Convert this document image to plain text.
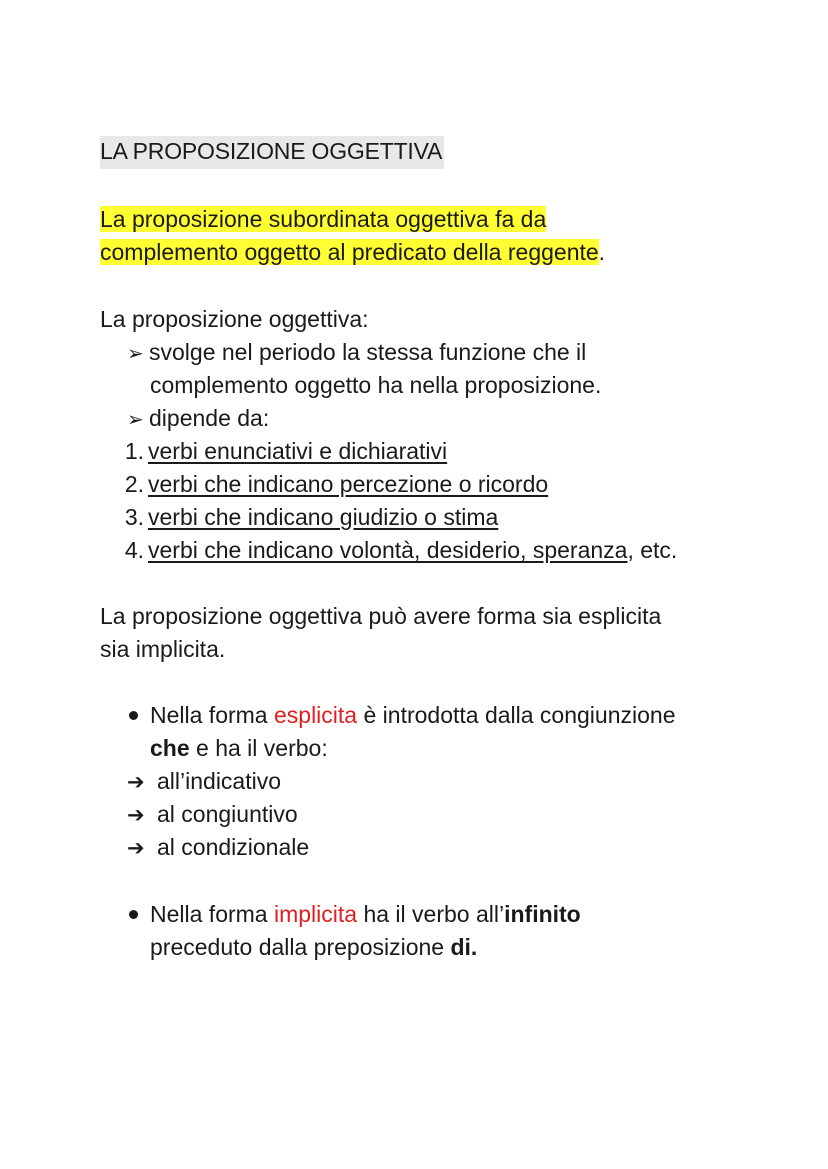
LA PROPOSIZIONE OGGETTIVA
La proposizione subordinata oggettiva fa da
complemento oggetto al predicato della reggente.
La proposizione oggettiva:
➢ svolge nel periodo la stessa funzione che il
complemento oggetto ha nella proposizione.
➢ dipende da:
1. verbi enunciativi e dichiarativi
2. verbi che indicano percezione o ricordo
3. verbi che indicano giudizio o stima
4. verbi che indicano volontà, desiderio, speranza, etc.
La proposizione oggettiva può avere forma sia esplicita
sia implicita.
Nella forma esplicita è introdotta dalla congiunzione
che e ha il verbo:
➔ all’indicativo
➔ al congiuntivo
➔ al condizionale
Nella forma implicita ha il verbo all’infinito
preceduto dalla preposizione di.
